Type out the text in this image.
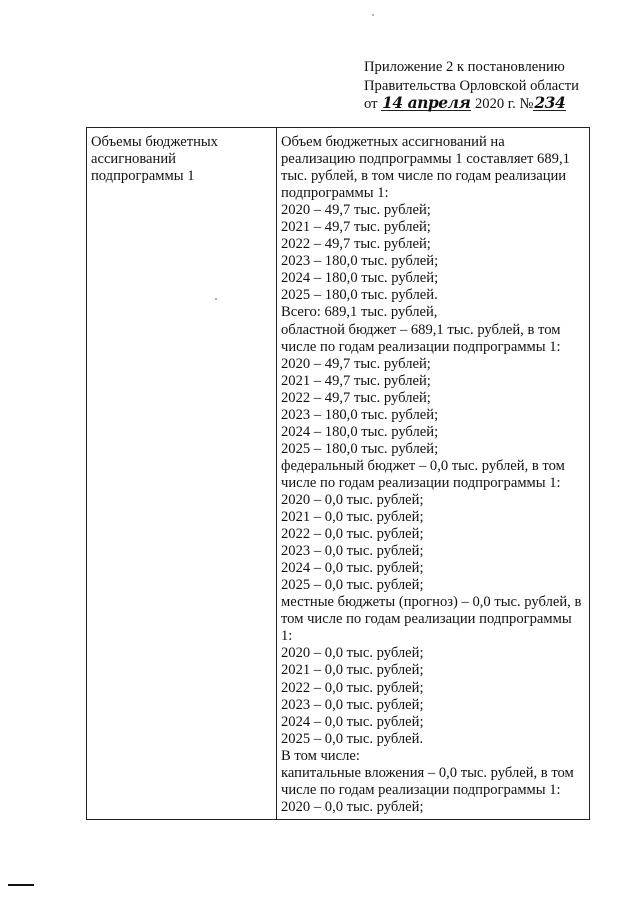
Приложение 2 к постановлению
Правительства Орловской области
от 14 апреля 2020 г. №234
Объемы бюджетных
ассигнований
подпрограммы 1
Объем бюджетных ассигнований на
реализацию подпрограммы 1 составляет 689,1
тыс. рублей, в том числе по годам реализации
подпрограммы 1:
2020 – 49,7 тыс. рублей;
2021 – 49,7 тыс. рублей;
2022 – 49,7 тыс. рублей;
2023 – 180,0 тыс. рублей;
2024 – 180,0 тыс. рублей;
2025 – 180,0 тыс. рублей.
Всего: 689,1 тыс. рублей,
областной бюджет – 689,1 тыс. рублей, в том
числе по годам реализации подпрограммы 1:
2020 – 49,7 тыс. рублей;
2021 – 49,7 тыс. рублей;
2022 – 49,7 тыс. рублей;
2023 – 180,0 тыс. рублей;
2024 – 180,0 тыс. рублей;
2025 – 180,0 тыс. рублей;
федеральный бюджет – 0,0 тыс. рублей, в том
числе по годам реализации подпрограммы 1:
2020 – 0,0 тыс. рублей;
2021 – 0,0 тыс. рублей;
2022 – 0,0 тыс. рублей;
2023 – 0,0 тыс. рублей;
2024 – 0,0 тыс. рублей;
2025 – 0,0 тыс. рублей;
местные бюджеты (прогноз) – 0,0 тыс. рублей, в
том числе по годам реализации подпрограммы
1:
2020 – 0,0 тыс. рублей;
2021 – 0,0 тыс. рублей;
2022 – 0,0 тыс. рублей;
2023 – 0,0 тыс. рублей;
2024 – 0,0 тыс. рублей;
2025 – 0,0 тыс. рублей.
В том числе:
капитальные вложения – 0,0 тыс. рублей, в том
числе по годам реализации подпрограммы 1:
2020 – 0,0 тыс. рублей;
